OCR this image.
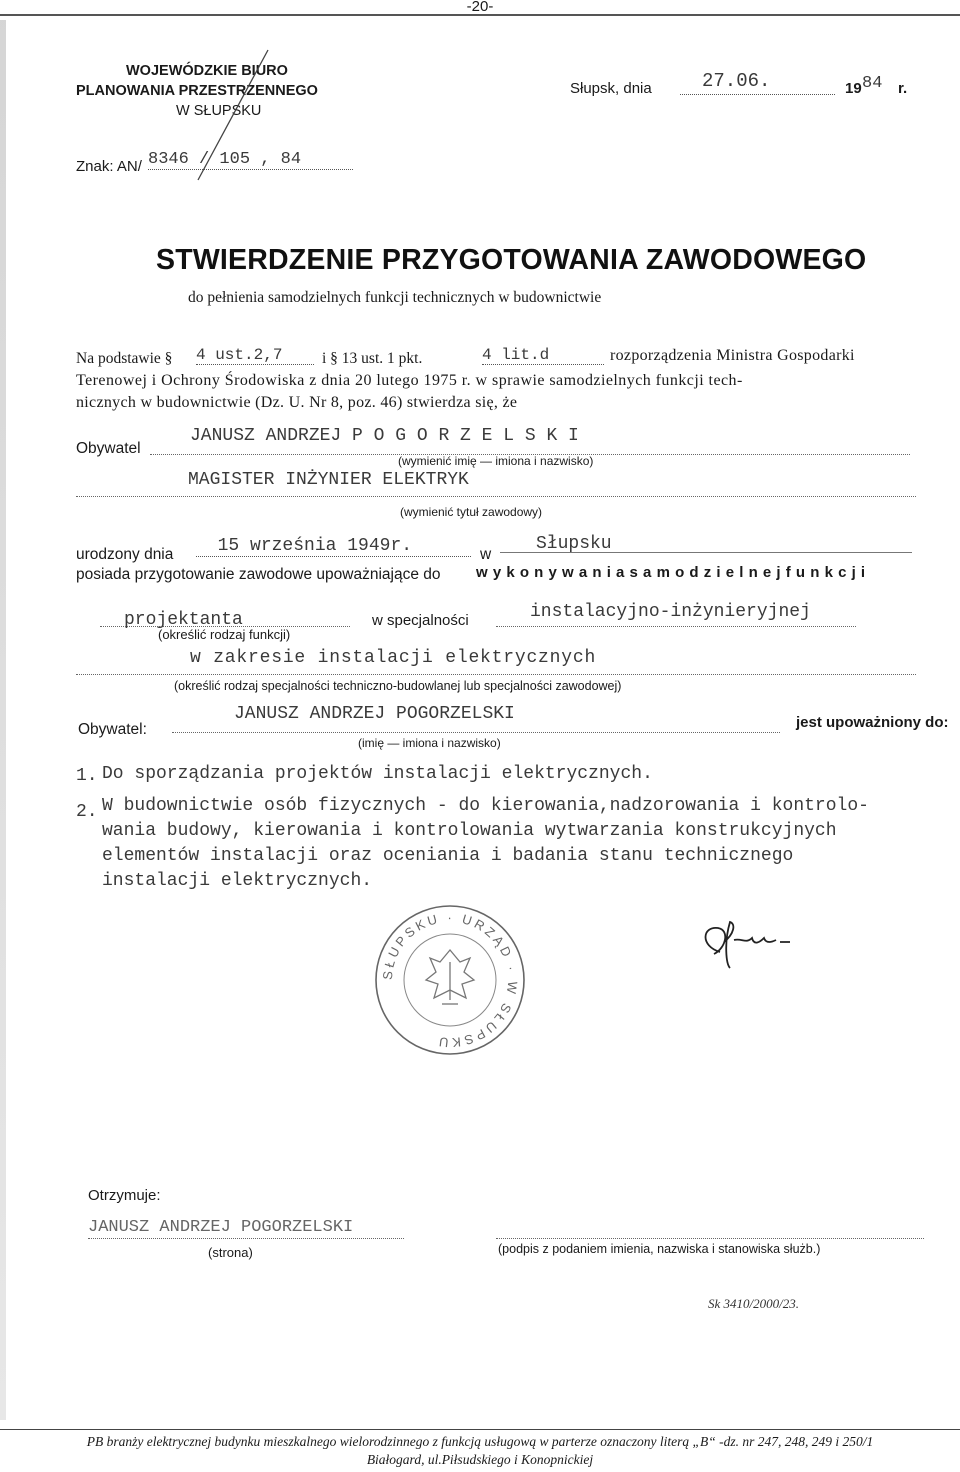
-20-
WOJEWÓDZKIE BIURO
PLANOWANIA PRZESTRZENNEGO
W SŁUPSKU
Słupsk, dnia	27.06.	19 84 r.
Znak: AN/ 8346 / 105 , 84
STWIERDZENIE PRZYGOTOWANIA ZAWODOWEGO
do pełnienia samodzielnych funkcji technicznych w budownictwie
Na podstawie § 4 ust.2,7	i § 13 ust. 1 pkt.	4 lit.d	rozporządzenia Ministra Gospodarki
Terenowej i Ochrony Środowiska z dnia 20 lutego 1975 r. w sprawie samodzielnych funkcji tech-
nicznych w budownictwie (Dz. U. Nr 8, poz. 46) stwierdza się, że
Obywatel
JANUSZ ANDRZEJ P O G O R Z E L S K I
(wymienić imię — imiona i nazwisko)
MAGISTER INŻYNIER ELEKTRYK
(wymienić tytuł zawodowy)
urodzony dnia	15 września 1949r.	w
Słupsku
posiada przygotowanie zawodowe upoważniające do w y k o n y w a n i a s a m o d z i e l n e j f u n k c j i
projektanta
(określić rodzaj funkcji)
w specjalności	instalacyjno-inżynieryjnej
w zakresie instalacji elektrycznych
(określić rodzaj specjalności techniczno-budowlanej lub specjalności zawodowej)
Obywatel:
JANUSZ ANDRZEJ POGORZELSKI	jest upoważniony do:
(imię — imiona i nazwisko)
1. Do sporządzania projektów instalacji elektrycznych.
2. W budownictwie osób fizycznych - do kierowania,nadzorowania i kontrolo-
wania budowy, kierowania i kontrolowania wytwarzania konstrukcyjnych
elementów instalacji oraz oceniania i badania stanu technicznego
instalacji elektrycznych.
SŁUPSKU · URZĄD · W SŁUPSKU
Otrzymuje:
JANUSZ ANDRZEJ POGORZELSKI
(strona)	(podpis z podaniem imienia, nazwiska i stanowiska służb.)
Sk 3410/2000/23.
PB branży elektrycznej budynku mieszkalnego wielorodzinnego z funkcją usługową w parterze oznaczony literą „B“ -dz. nr 247, 248, 249 i 250/1
Białogard, ul.Piłsudskiego i Konopnickiej
